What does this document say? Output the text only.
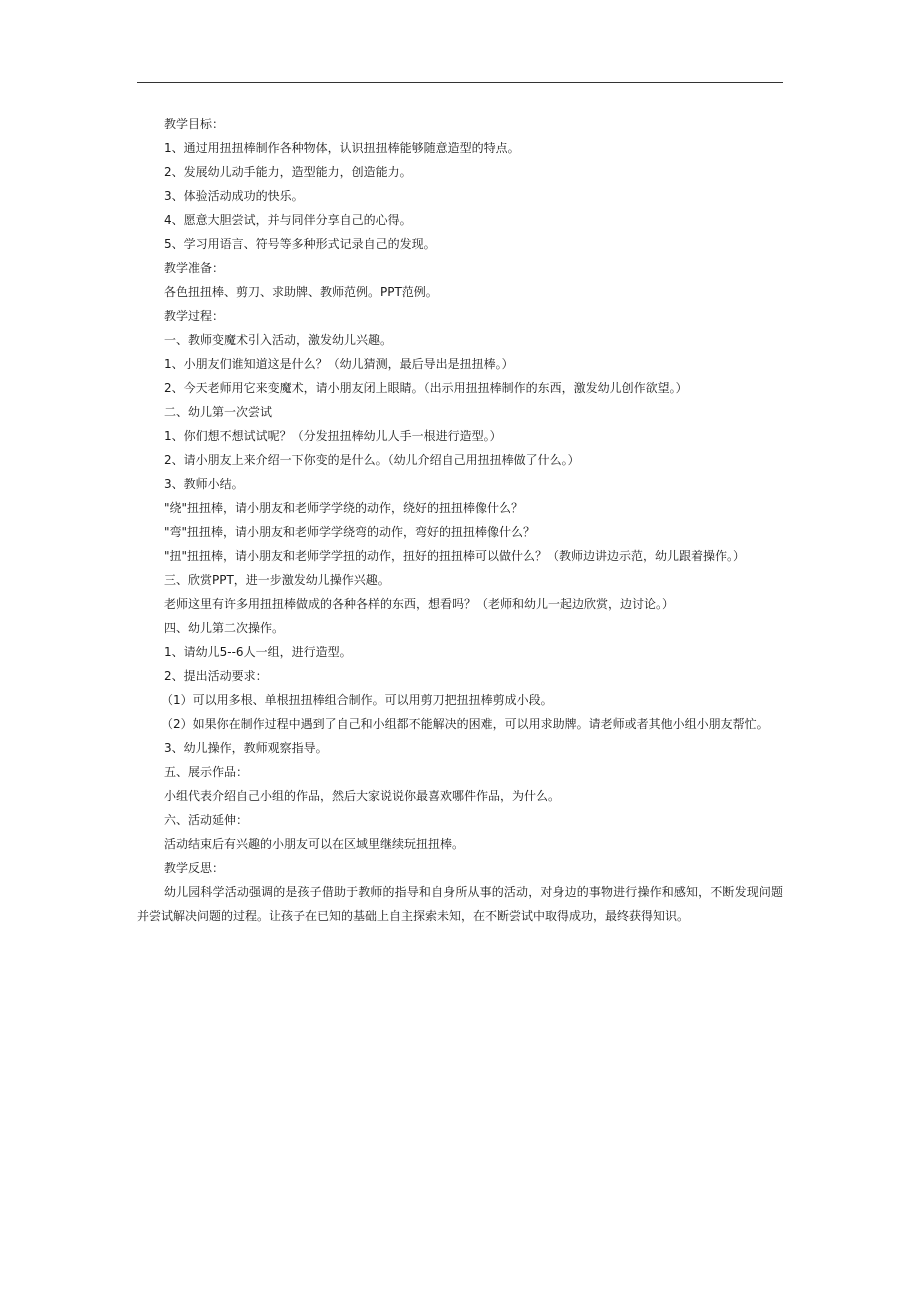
教学目标：
1、通过用扭扭棒制作各种物体，认识扭扭棒能够随意造型的特点。
2、发展幼儿动手能力，造型能力，创造能力。
3、体验活动成功的快乐。
4、愿意大胆尝试，并与同伴分享自己的心得。
5、学习用语言、符号等多种形式记录自己的发现。
教学准备：
各色扭扭棒、剪刀、求助牌、教师范例。PPT范例。
教学过程：
一、教师变魔术引入活动，激发幼儿兴趣。
1、小朋友们谁知道这是什么？（幼儿猜测，最后导出是扭扭棒。）
2、今天老师用它来变魔术，请小朋友闭上眼睛。（出示用扭扭棒制作的东西，激发幼儿创作欲望。）
二、幼儿第一次尝试
1、你们想不想试试呢？（分发扭扭棒幼儿人手一根进行造型。）
2、请小朋友上来介绍一下你变的是什么。（幼儿介绍自己用扭扭棒做了什么。）
3、教师小结。
"绕"扭扭棒，请小朋友和老师学学绕的动作，绕好的扭扭棒像什么？
"弯"扭扭棒，请小朋友和老师学学绕弯的动作，弯好的扭扭棒像什么？
"扭"扭扭棒，请小朋友和老师学学扭的动作，扭好的扭扭棒可以做什么？（教师边讲边示范，幼儿跟着操作。）
三、欣赏PPT，进一步激发幼儿操作兴趣。
老师这里有许多用扭扭棒做成的各种各样的东西，想看吗？（老师和幼儿一起边欣赏，边讨论。）
四、幼儿第二次操作。
1、请幼儿5--6人一组，进行造型。
2、提出活动要求：
（1）可以用多根、单根扭扭棒组合制作。可以用剪刀把扭扭棒剪成小段。
（2）如果你在制作过程中遇到了自己和小组都不能解决的困难，可以用求助牌。请老师或者其他小组小朋友帮忙。
3、幼儿操作，教师观察指导。
五、展示作品：
小组代表介绍自己小组的作品，然后大家说说你最喜欢哪件作品，为什么。
六、活动延伸：
活动结束后有兴趣的小朋友可以在区域里继续玩扭扭棒。
教学反思：

幼儿园科学活动强调的是孩子借助于教师的指导和自身所从事的活动，对身边的事物进行操作和感知，不断发现问题并尝试解决问题的过程。让孩子在已知的基础上自主探索未知，在不断尝试中取得成功，最终获得知识。
